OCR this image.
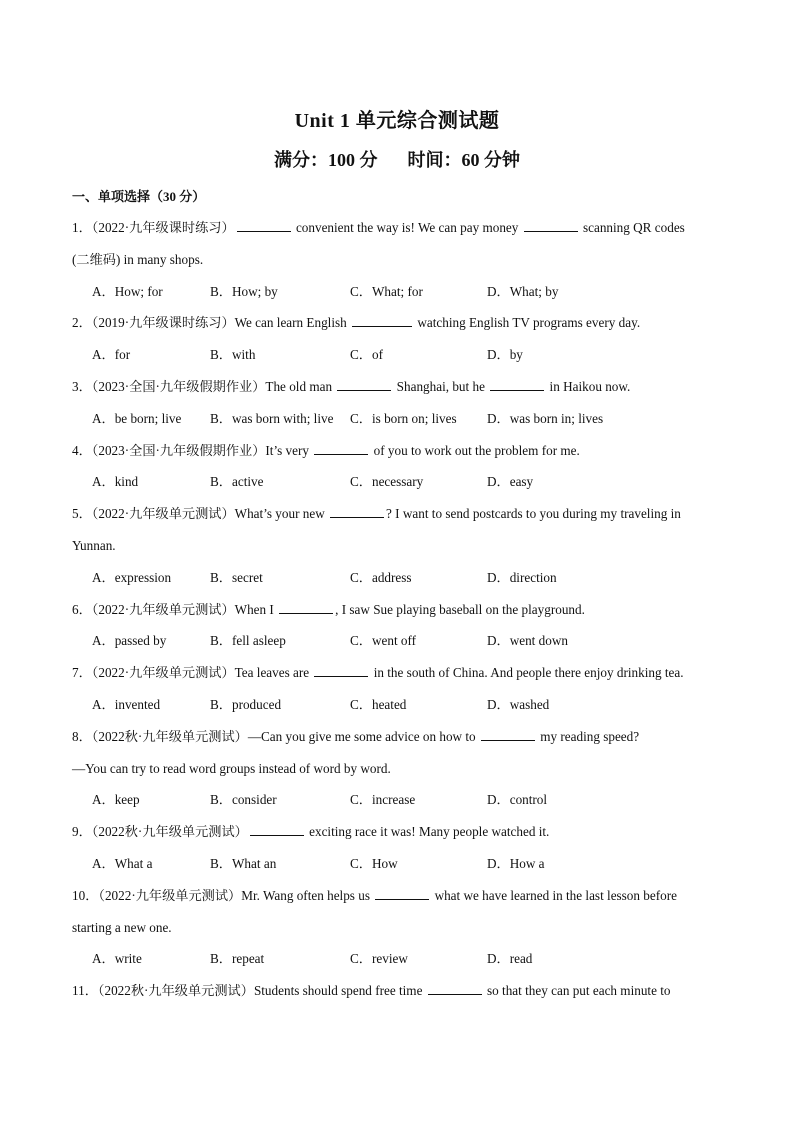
Unit 1 单元综合测试题
满分：100 分 时间：60 分钟
一、单项选择（30 分）
1．（2022·九年级课时练习）	convenient the way is! We can pay money	scanning QR codes
(二维码) in many shops.
A．How; for	B．How; by	C．What; for	D．What; by
2．（2019·九年级课时练习）We can learn English	watching English TV programs every day.
A．for	B．with	C．of	D．by
3．（2023·全国·九年级假期作业）The old man	Shanghai, but he	in Haikou now.
A．be born; live B．was born with; live C．is born on; lives D．was born in; lives
4．（2023·全国·九年级假期作业）It’s very	of you to work out the problem for me.
A．kind	B．active	C．necessary	D．easy
5．（2022·九年级单元测试）What’s your new	? I want to send postcards to you during my traveling in
Yunnan.
A．expression	B．secret	C．address	D．direction
6．（2022·九年级单元测试）When I	, I saw Sue playing baseball on the playground.
A．passed by	B．fell asleep	C．went off	D．went down
7．（2022·九年级单元测试）Tea leaves are	in the south of China. And people there enjoy drinking tea.
A．invented	B．produced	C．heated	D．washed
8．（2022秋·九年级单元测试）—Can you give me some advice on how to	my reading speed?
—You can try to read word groups instead of word by word.
A．keep	B．consider	C．increase	D．control
9．（2022秋·九年级单元测试）	exciting race it was! Many people watched it.
A．What a	B．What an	C．How	D．How a
10．（2022·九年级单元测试）Mr. Wang often helps us	what we have learned in the last lesson before
starting a new one.
A．write	B．repeat	C．review	D．read
11．（2022秋·九年级单元测试）Students should spend free time	so that they can put each minute to
